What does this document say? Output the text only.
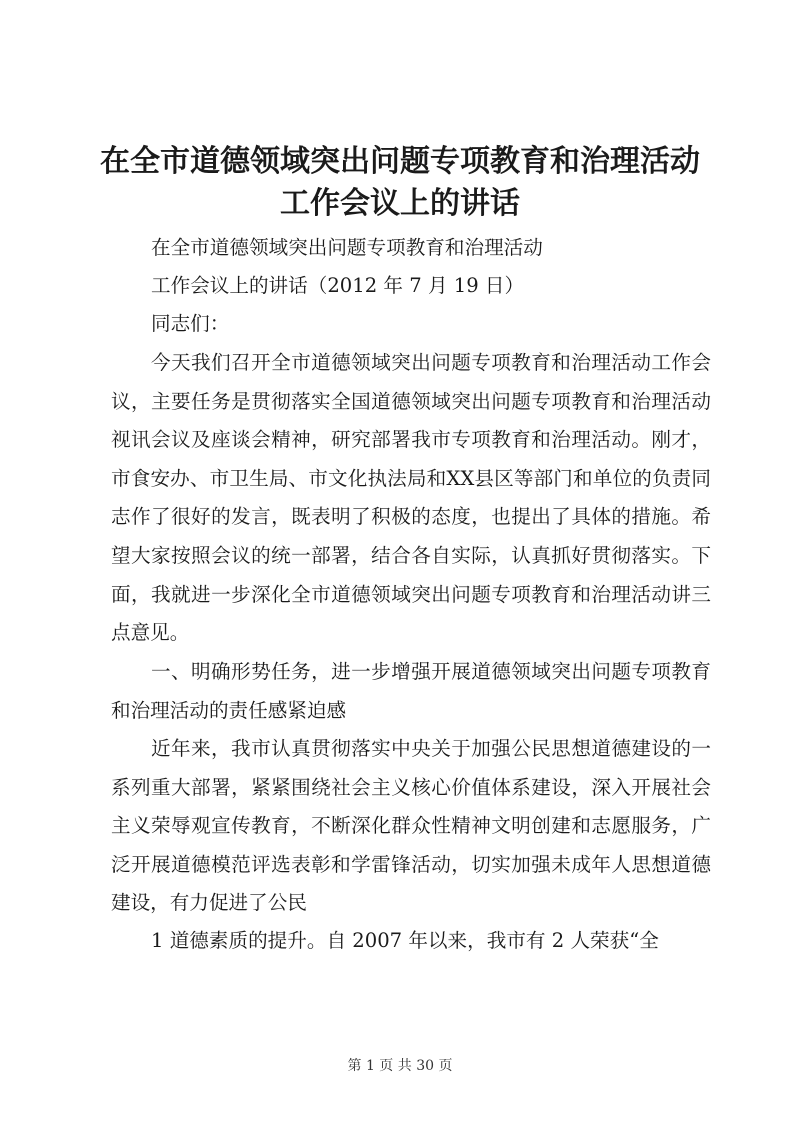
在全市道德领域突出问题专项教育和治理活动
工作会议上的讲话

在全市道德领域突出问题专项教育和治理活动

工作会议上的讲话（2012 年 7 月 19 日）

同志们：

今天我们召开全市道德领域突出问题专项教育和治理活动工作会议，主要任务是贯彻落实全国道德领域突出问题专项教育和治理活动视讯会议及座谈会精神，研究部署我市专项教育和治理活动。刚才，市食安办、市卫生局、市文化执法局和XX县区等部门和单位的负责同志作了很好的发言，既表明了积极的态度，也提出了具体的措施。希望大家按照会议的统一部署，结合各自实际，认真抓好贯彻落实。下面，我就进一步深化全市道德领域突出问题专项教育和治理活动讲三点意见。

一、明确形势任务，进一步增强开展道德领域突出问题专项教育和治理活动的责任感紧迫感

近年来，我市认真贯彻落实中央关于加强公民思想道德建设的一系列重大部署，紧紧围绕社会主义核心价值体系建设，深入开展社会主义荣辱观宣传教育，不断深化群众性精神文明创建和志愿服务，广泛开展道德模范评选表彰和学雷锋活动，切实加强未成年人思想道德建设，有力促进了公民

1 道德素质的提升。自 2007 年以来，我市有 2 人荣获“全

第 1 页 共 30 页
